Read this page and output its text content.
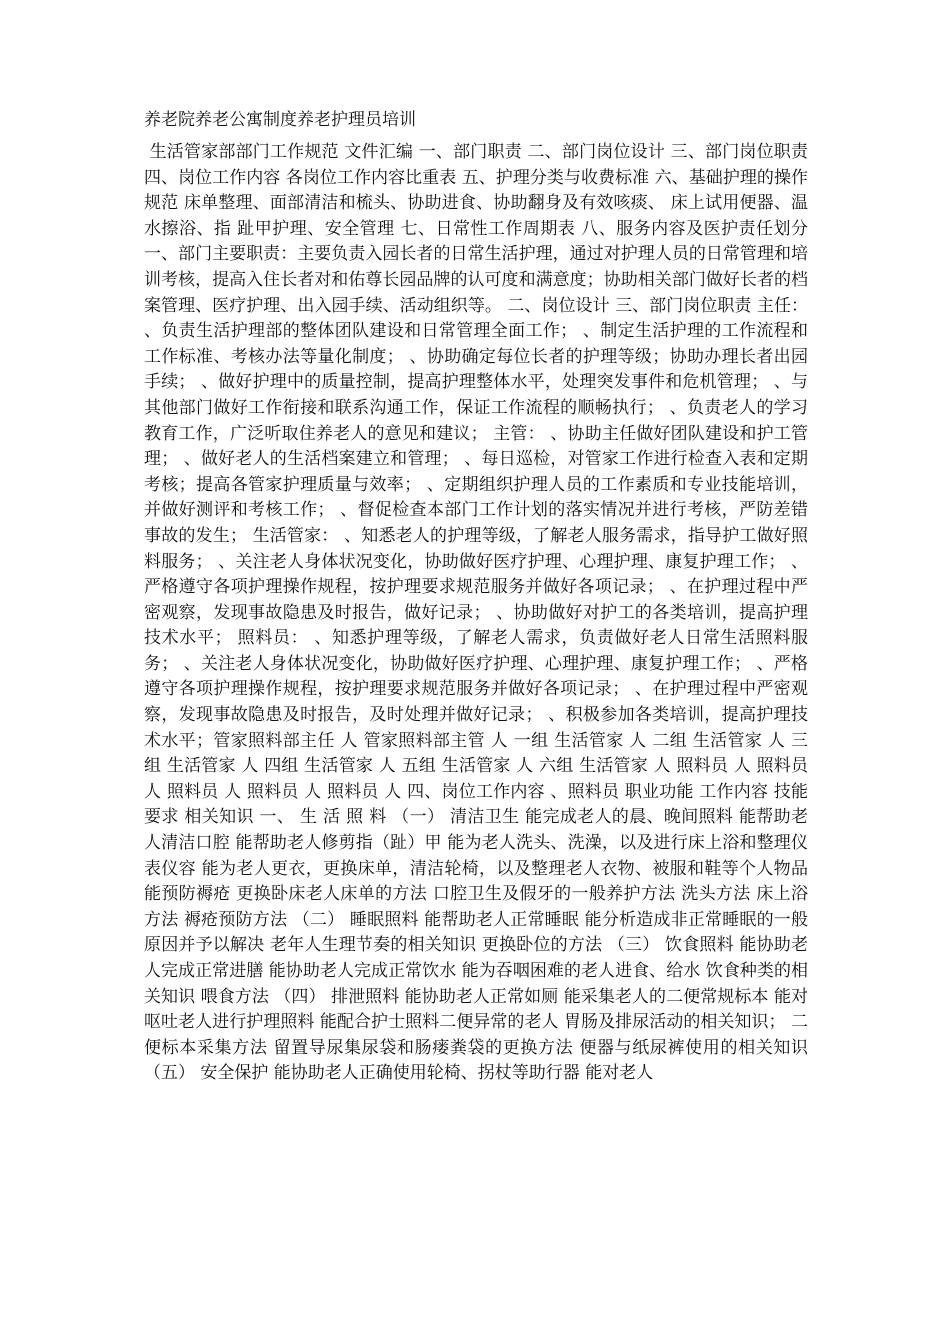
养老院养老公寓制度养老护理员培训

生活管家部部门工作规范 文件汇编 一、部门职责 二、部门岗位设计 三、部门岗位职责 四、岗位工作内容 各岗位工作内容比重表 五、护理分类与收费标准 六、基础护理的操作规范 床单整理、面部清洁和梳头、协助进食、协助翻身及有效咳痰、 床上试用便器、温水擦浴、指 趾甲护理、安全管理 七、日常性工作周期表 八、服务内容及医护责任划分 一、部门主要职责：主要负责入园长者的日常生活护理，通过对护理人员的日常管理和培训考核，提高入住长者对和佑尊长园品牌的认可度和满意度；协助相关部门做好长者的档案管理、医疗护理、出入园手续、活动组织等。 二、岗位设计 三、部门岗位职责 主任： 、负责生活护理部的整体团队建设和日常管理全面工作； 、制定生活护理的工作流程和工作标准、考核办法等量化制度； 、协助确定每位长者的护理等级；协助办理长者出园手续； 、做好护理中的质量控制，提高护理整体水平，处理突发事件和危机管理； 、与其他部门做好工作衔接和联系沟通工作，保证工作流程的顺畅执行； 、负责老人的学习教育工作，广泛听取住养老人的意见和建议； 主管： 、协助主任做好团队建设和护工管理； 、做好老人的生活档案建立和管理； 、每日巡检，对管家工作进行检查入表和定期考核；提高各管家护理质量与效率； 、定期组织护理人员的工作素质和专业技能培训，并做好测评和考核工作； 、督促检查本部门工作计划的落实情况并进行考核，严防差错事故的发生； 生活管家： 、知悉老人的护理等级，了解老人服务需求，指导护工做好照料服务； 、关注老人身体状况变化，协助做好医疗护理、心理护理、康复护理工作； 、严格遵守各项护理操作规程，按护理要求规范服务并做好各项记录； 、在护理过程中严密观察，发现事故隐患及时报告，做好记录； 、协助做好对护工的各类培训，提高护理技术水平； 照料员： 、知悉护理等级，了解老人需求，负责做好老人日常生活照料服务； 、关注老人身体状况变化，协助做好医疗护理、心理护理、康复护理工作； 、严格遵守各项护理操作规程，按护理要求规范服务并做好各项记录； 、在护理过程中严密观察，发现事故隐患及时报告，及时处理并做好记录； 、积极参加各类培训，提高护理技术水平；管家照料部主任 人 管家照料部主管 人 一组 生活管家 人 二组 生活管家 人 三组 生活管家 人 四组 生活管家 人 五组 生活管家 人 六组 生活管家 人 照料员 人 照料员 人 照料员 人 照料员 人 照料员 人 四、岗位工作内容 、照料员 职业功能 工作内容 技能要求 相关知识 一、 生 活 照 料 （一） 清洁卫生 能完成老人的晨、晚间照料 能帮助老人清洁口腔 能帮助老人修剪指（趾）甲 能为老人洗头、洗澡，以及进行床上浴和整理仪表仪容 能为老人更衣，更换床单，清洁轮椅，以及整理老人衣物、被服和鞋等个人物品 能预防褥疮 更换卧床老人床单的方法 口腔卫生及假牙的一般养护方法 洗头方法 床上浴方法 褥疮预防方法 （二） 睡眠照料 能帮助老人正常睡眠 能分析造成非正常睡眠的一般原因并予以解决 老年人生理节奏的相关知识 更换卧位的方法 （三） 饮食照料 能协助老人完成正常进膳 能协助老人完成正常饮水 能为吞咽困难的老人进食、给水 饮食种类的相关知识 喂食方法 （四） 排泄照料 能协助老人正常如厕 能采集老人的二便常规标本 能对呕吐老人进行护理照料 能配合护士照料二便异常的老人 胃肠及排尿活动的相关知识； 二便标本采集方法 留置导尿集尿袋和肠瘘粪袋的更换方法 便器与纸尿裤使用的相关知识 （五） 安全保护 能协助老人正确使用轮椅、拐杖等助行器 能对老人
